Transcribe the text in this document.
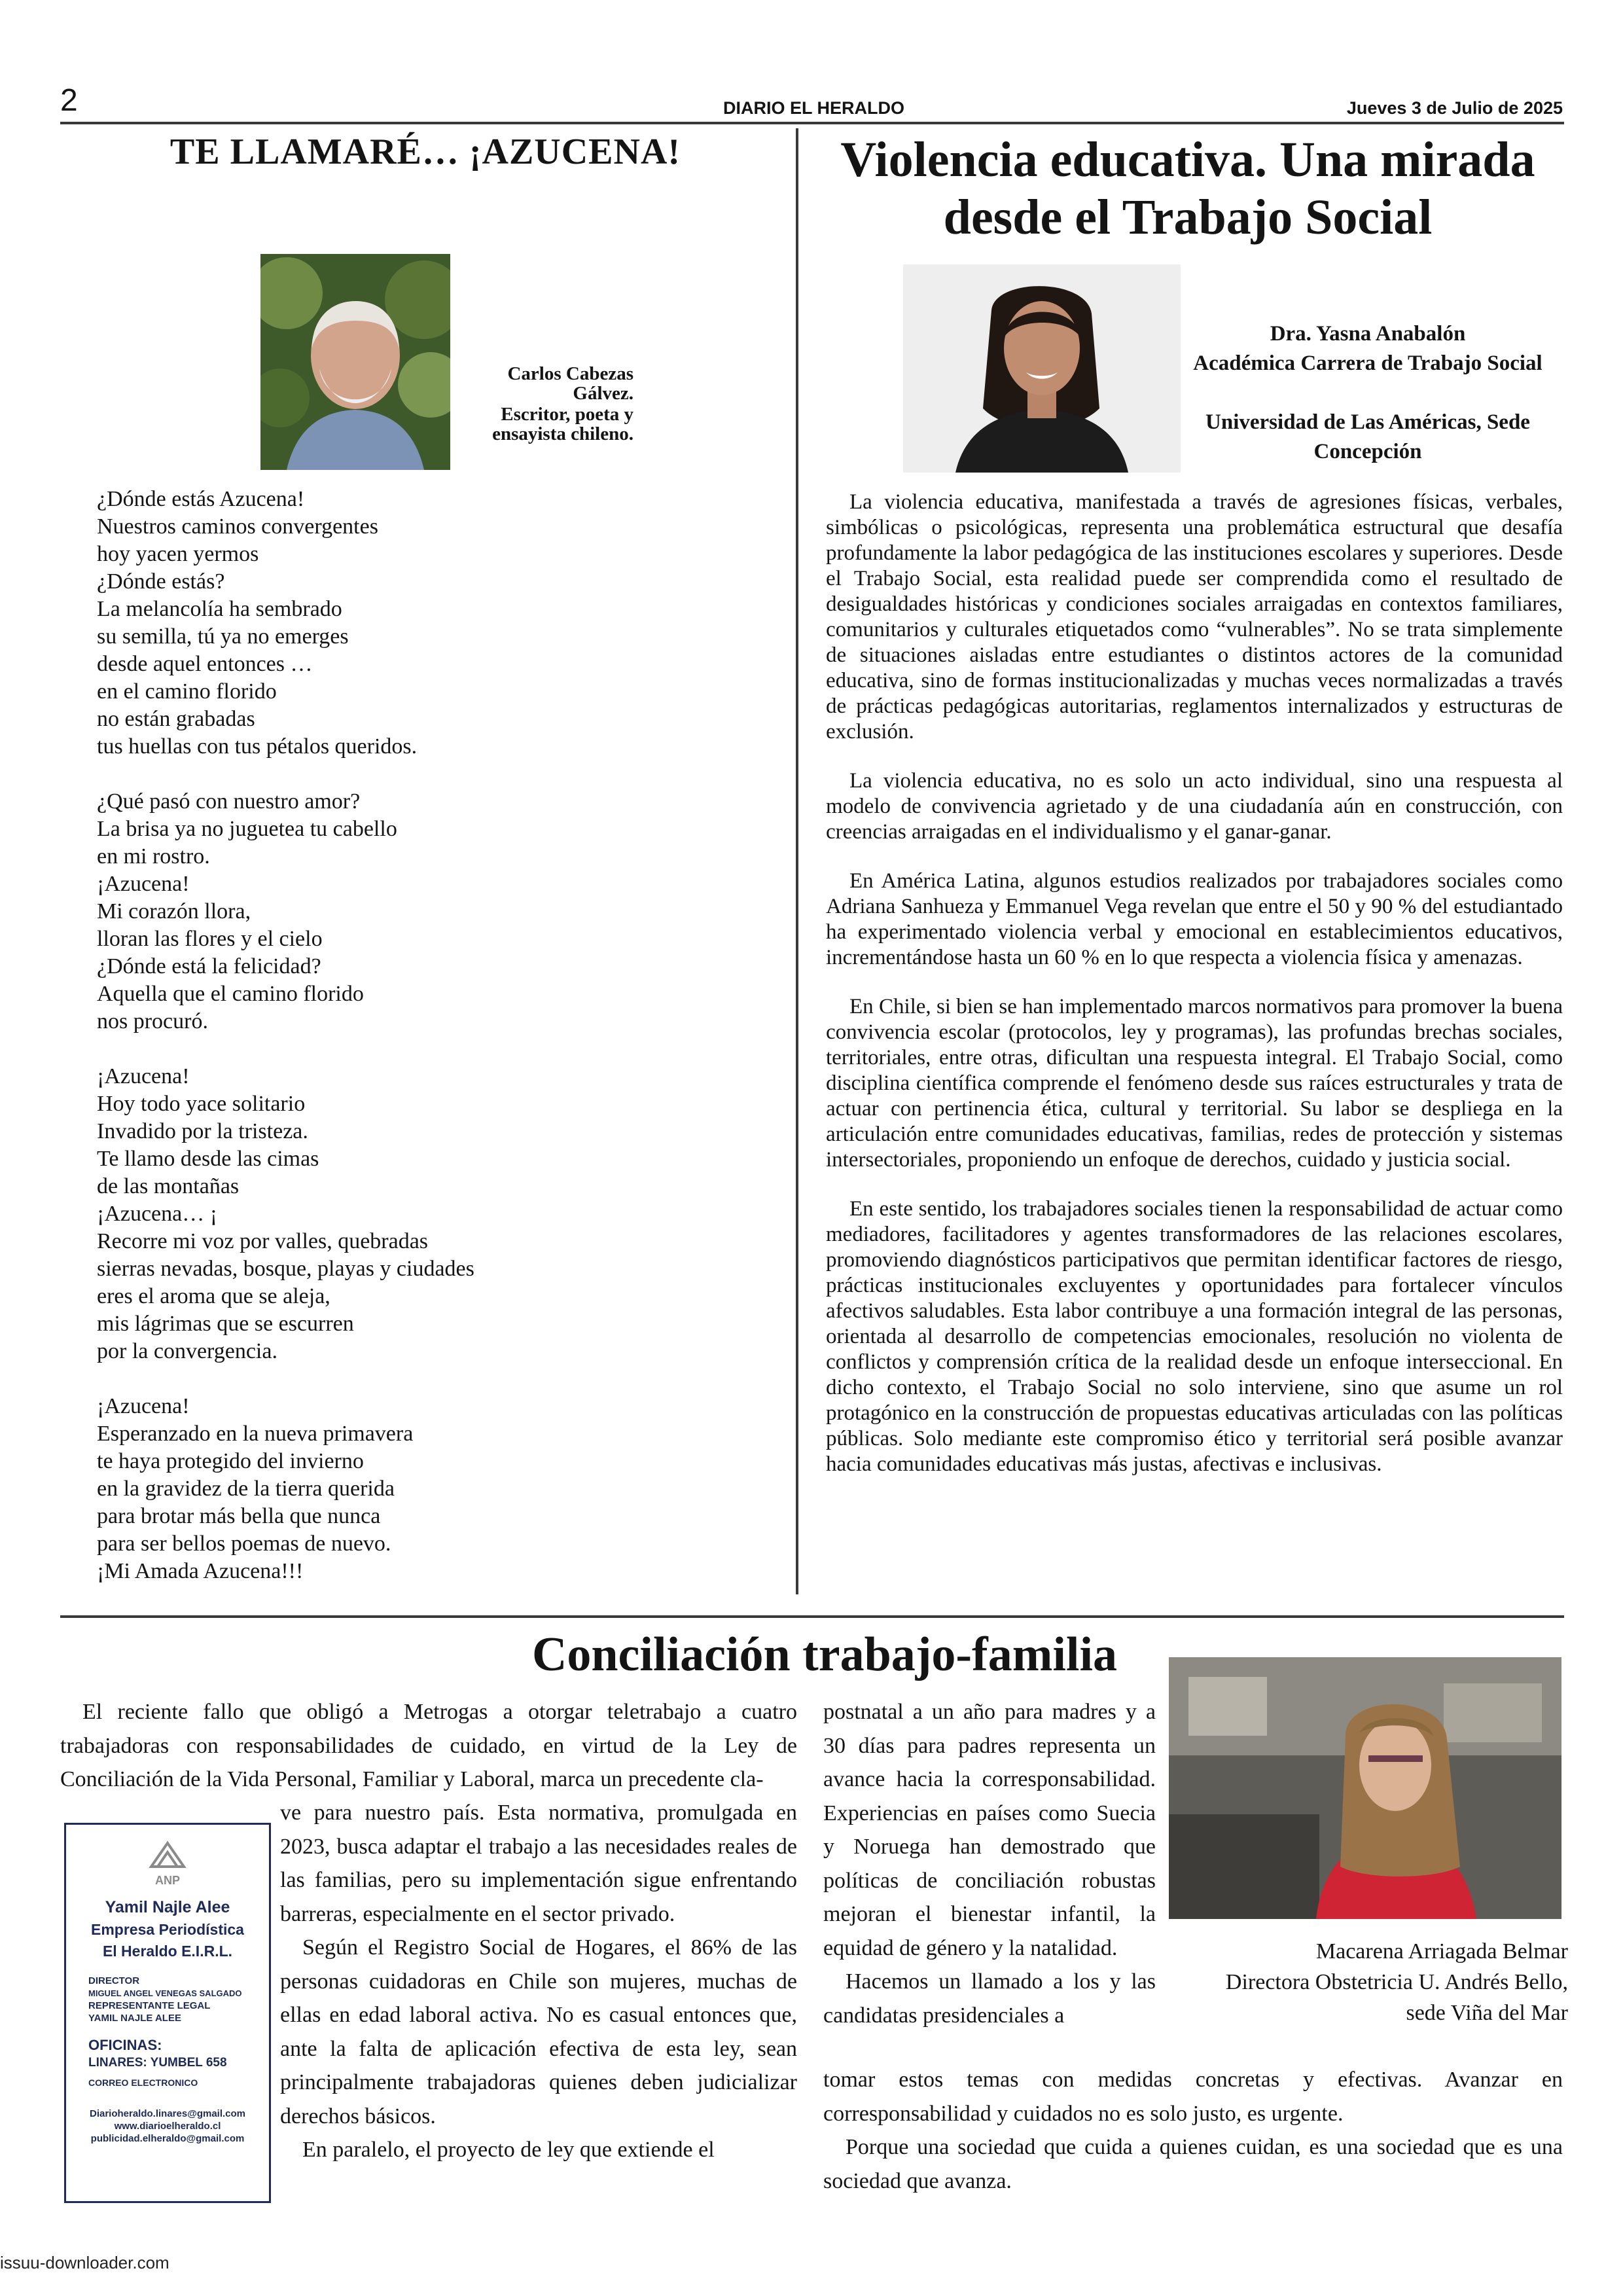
2	DIARIO EL HERALDO	Jueves 3 de Julio de 2025
TE LLAMARÉ… ¡AZUCENA!
Carlos Cabezas
Gálvez.
Escritor, poeta y
ensayista chileno.

¿Dónde estás Azucena!

Nuestros caminos convergentes

hoy yacen yermos

¿Dónde estás?

La melancolía ha sembrado

su semilla, tú ya no emerges

desde aquel entonces …

en el camino florido

no están grabadas

tus huellas con tus pétalos queridos.

¿Qué pasó con nuestro amor?

La brisa ya no juguetea tu cabello

en mi rostro.

¡Azucena!

Mi corazón llora,

lloran las flores y el cielo

¿Dónde está la felicidad?

Aquella que el camino florido

nos procuró.

¡Azucena!

Hoy todo yace solitario

Invadido por la tristeza.

Te llamo desde las cimas

de las montañas

¡Azucena… ¡

Recorre mi voz por valles, quebradas

sierras nevadas, bosque, playas y ciudades

eres el aroma que se aleja,

mis lágrimas que se escurren

por la convergencia.

¡Azucena!

Esperanzado en la nueva primavera

te haya protegido del invierno

en la gravidez de la tierra querida

para brotar más bella que nunca

para ser bellos poemas de nuevo.

¡Mi Amada Azucena!!!

Violencia educativa. Una mirada desde el Trabajo Social
Dra. Yasna Anabalón
Académica Carrera de Trabajo Social
Universidad de Las Américas, Sede Concepción

La violencia educativa, manifestada a través de agresiones físicas, verbales, simbólicas o psicológicas, representa una problemática estructural que desafía profundamente la labor pedagógica de las instituciones escolares y superiores. Desde el Trabajo Social, esta realidad puede ser comprendida como el resultado de desigualdades históricas y condiciones sociales arraigadas en contextos familiares, comunitarios y culturales etiquetados como “vulnerables”. No se trata simplemente de situaciones aisladas entre estudiantes o distintos actores de la comunidad educativa, sino de formas institucionalizadas y muchas veces normalizadas a través de prácticas pedagógicas autoritarias, reglamentos internalizados y estructuras de exclusión.

La violencia educativa, no es solo un acto individual, sino una respuesta al modelo de convivencia agrietado y de una ciudadanía aún en construcción, con creencias arraigadas en el individualismo y el ganar-ganar.

En América Latina, algunos estudios realizados por trabajadores sociales como Adriana Sanhueza y Emmanuel Vega revelan que entre el 50 y 90 % del estudiantado ha experimentado violencia verbal y emocional en establecimientos educativos, incrementándose hasta un 60 % en lo que respecta a violencia física y amenazas.

En Chile, si bien se han implementado marcos normativos para promover la buena convivencia escolar (protocolos, ley y programas), las profundas brechas sociales, territoriales, entre otras, dificultan una respuesta integral. El Trabajo Social, como disciplina científica comprende el fenómeno desde sus raíces estructurales y trata de actuar con pertinencia ética, cultural y territorial. Su labor se despliega en la articulación entre comunidades educativas, familias, redes de protección y sistemas intersectoriales, proponiendo un enfoque de derechos, cuidado y justicia social.

En este sentido, los trabajadores sociales tienen la responsabilidad de actuar como mediadores, facilitadores y agentes transformadores de las relaciones escolares, promoviendo diagnósticos participativos que permitan identificar factores de riesgo, prácticas institucionales excluyentes y oportunidades para fortalecer vínculos afectivos saludables. Esta labor contribuye a una formación integral de las personas, orientada al desarrollo de competencias emocionales, resolución no violenta de conflictos y comprensión crítica de la realidad desde un enfoque interseccional. En dicho contexto, el Trabajo Social no solo interviene, sino que asume un rol protagónico en la construcción de propuestas educativas articuladas con las políticas públicas. Solo mediante este compromiso ético y territorial será posible avanzar hacia comunidades educativas más justas, afectivas e inclusivas.

Conciliación trabajo-familia
Macarena Arriagada Belmar
Directora Obstetricia U. Andrés Bello,
sede Viña del Mar

El reciente fallo que obligó a Metrogas a otorgar teletrabajo a cuatro trabajadoras con responsabilidades de cuidado, en virtud de la Ley de Conciliación de la Vida Personal, Familiar y Laboral, marca un precedente cla-

ANP
Yamil Najle Alee
Empresa Periodística
El Heraldo E.I.R.L.
DIRECTOR
MIGUEL ANGEL VENEGAS SALGADO
REPRESENTANTE LEGAL
YAMIL NAJLE ALEE
OFICINAS:
LINARES: YUMBEL 658
CORREO ELECTRONICO
Diarioheraldo.linares@gmail.com
www.diarioelheraldo.cl
publicidad.elheraldo@gmail.com

ve para nuestro país. Esta normativa, promulgada en 2023, busca adaptar el trabajo a las necesidades reales de las familias, pero su implementación sigue enfrentando barreras, especialmente en el sector privado.

Según el Registro Social de Hogares, el 86% de las personas cuidadoras en Chile son mujeres, muchas de ellas en edad laboral activa. No es casual entonces que, ante la falta de aplicación efectiva de esta ley, sean principalmente trabajadoras quienes deben judicializar derechos básicos.

En paralelo, el proyecto de ley que extiende el

postnatal a un año para madres y a 30 días para padres representa un avance hacia la corresponsabilidad. Experiencias en países como Suecia y Noruega han demostrado que políticas de conciliación robustas mejoran el bienestar infantil, la equidad de género y la natalidad.

Hacemos un llamado a los y las candidatas presidenciales a

tomar estos temas con medidas concretas y efectivas. Avanzar en corresponsabilidad y cuidados no es solo justo, es urgente.

Porque una sociedad que cuida a quienes cuidan, es una sociedad que es una sociedad que avanza.

issuu-downloader.com
